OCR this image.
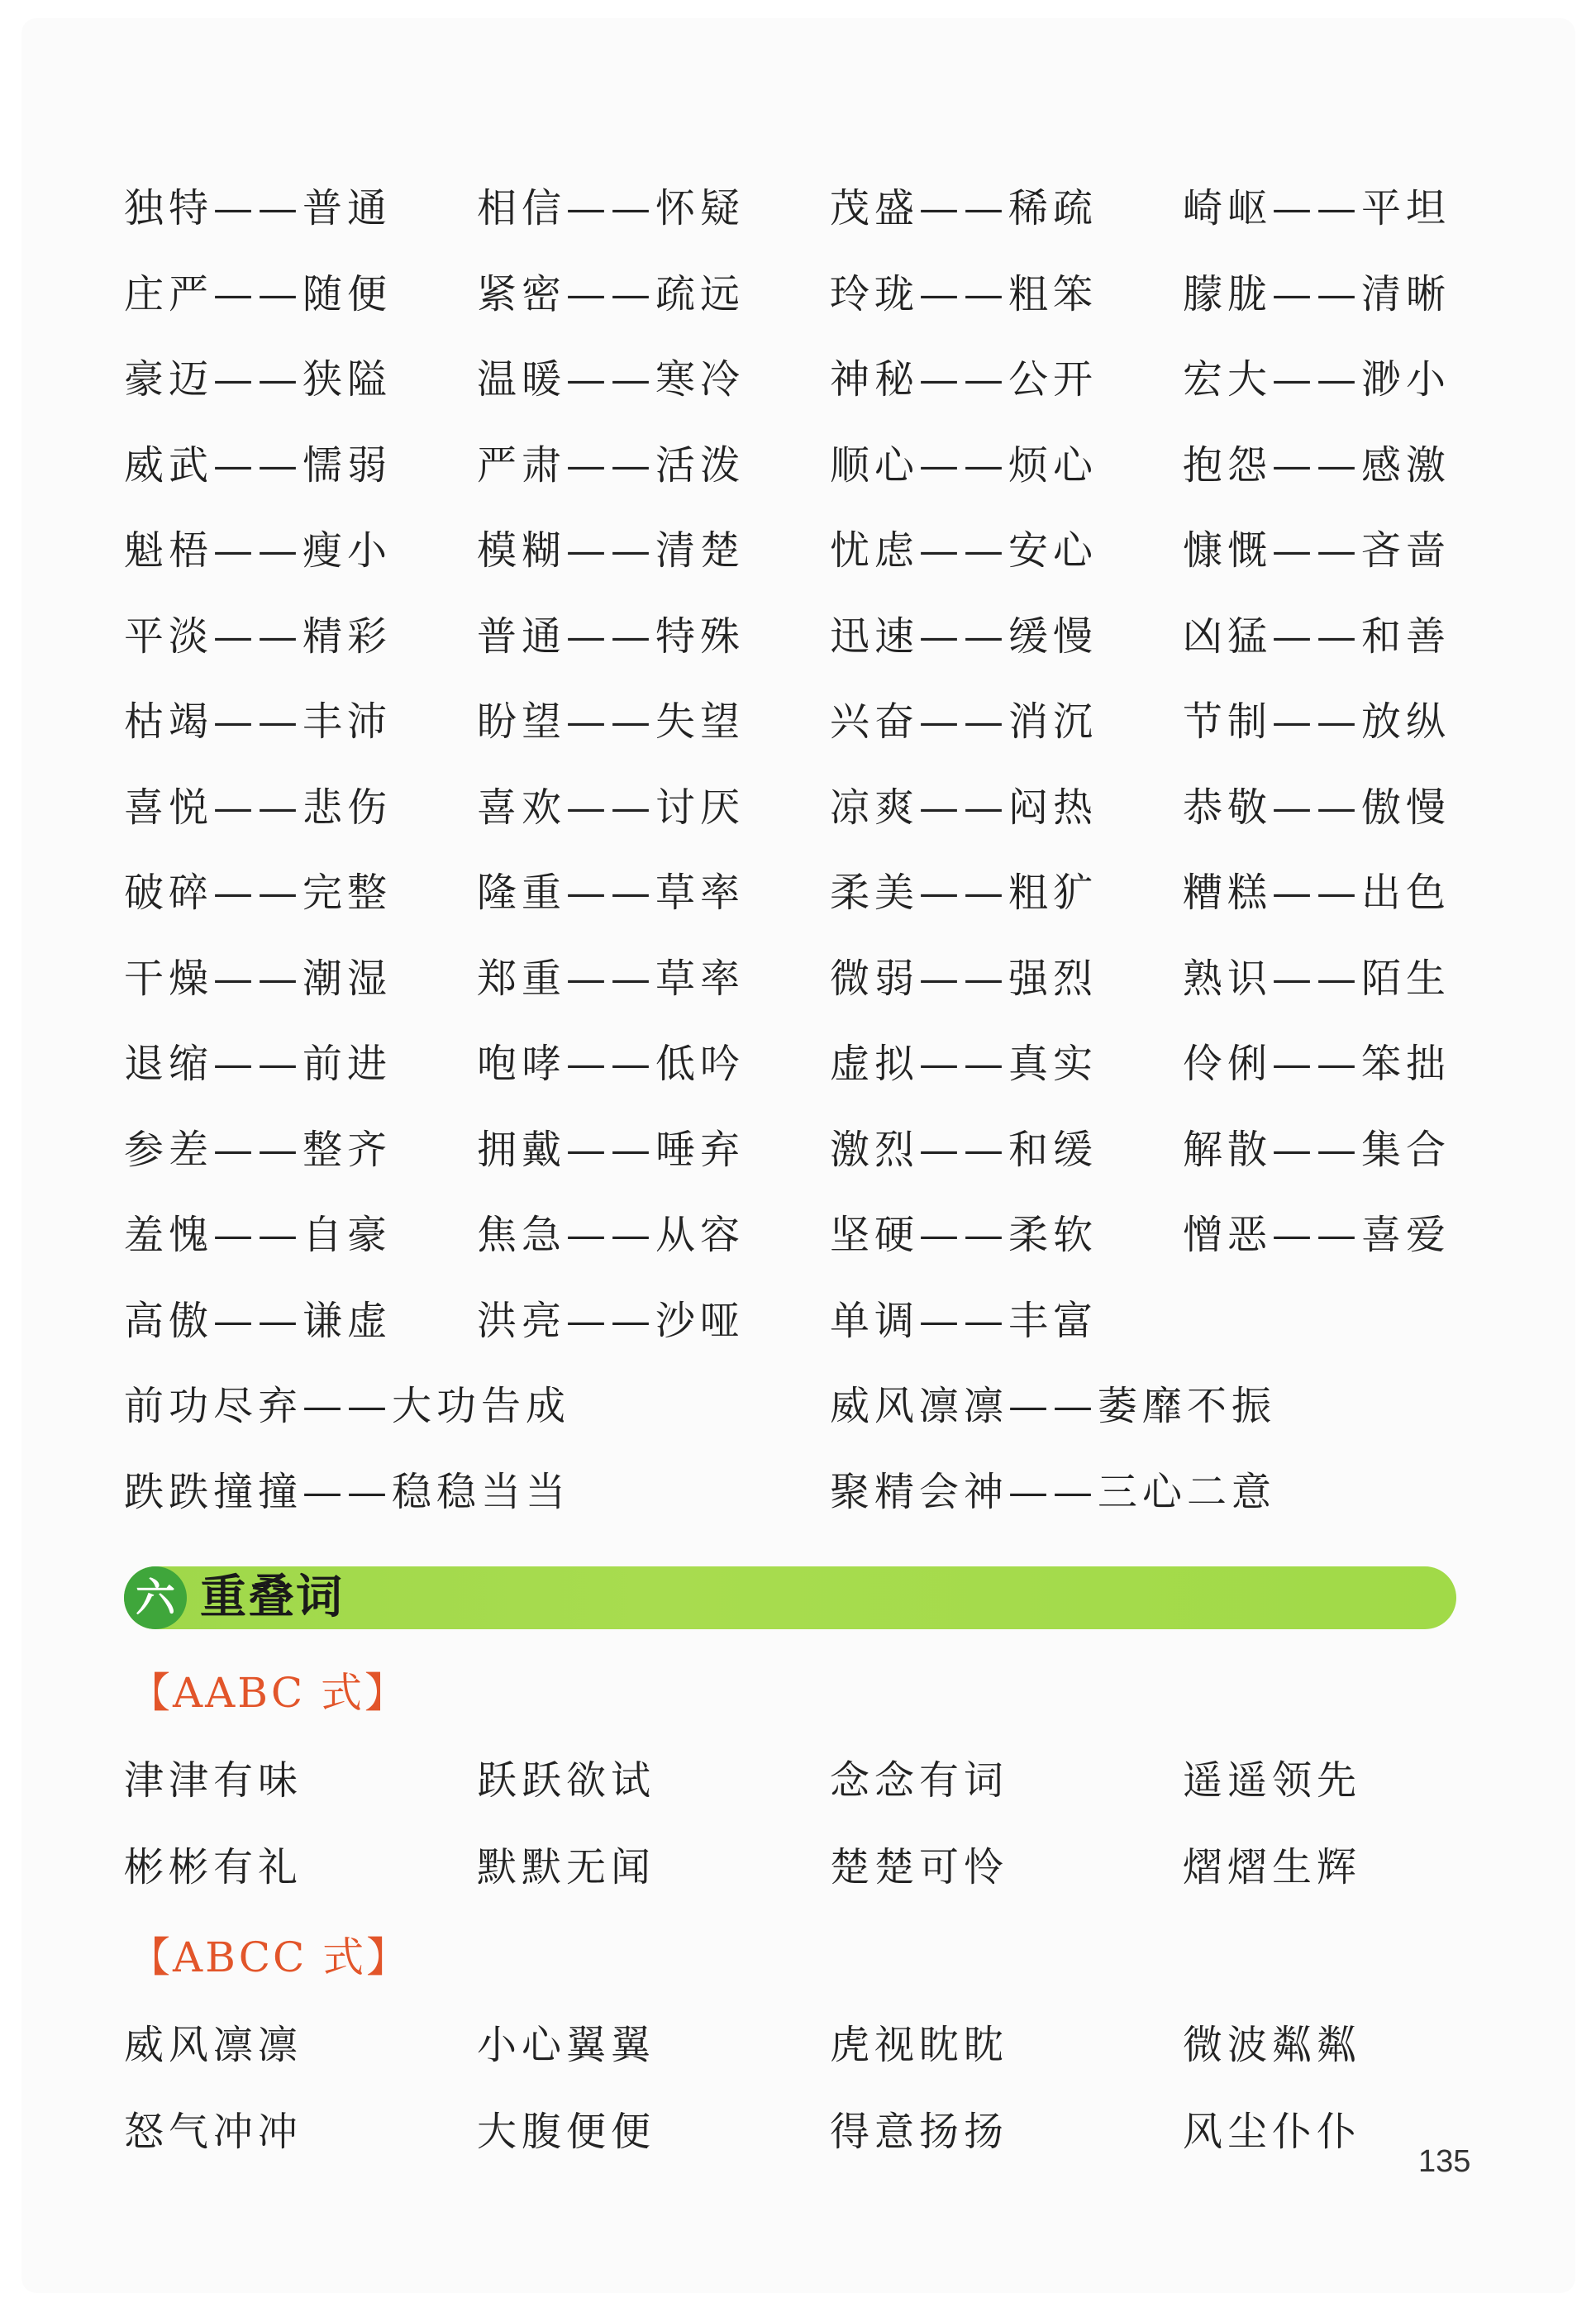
独特——普通	相信——怀疑	茂盛——稀疏	崎岖——平坦
庄严——随便	紧密——疏远	玲珑——粗笨	朦胧——清晰
豪迈——狭隘	温暖——寒冷	神秘——公开	宏大——渺小
威武——懦弱	严肃——活泼	顺心——烦心	抱怨——感激
魁梧——瘦小	模糊——清楚	忧虑——安心	慷慨——吝啬
平淡——精彩	普通——特殊	迅速——缓慢	凶猛——和善
枯竭——丰沛	盼望——失望	兴奋——消沉	节制——放纵
喜悦——悲伤	喜欢——讨厌	凉爽——闷热	恭敬——傲慢
破碎——完整	隆重——草率	柔美——粗犷	糟糕——出色
干燥——潮湿	郑重——草率	微弱——强烈	熟识——陌生
退缩——前进	咆哮——低吟	虚拟——真实	伶俐——笨拙
参差——整齐	拥戴——唾弃	激烈——和缓	解散——集合
羞愧——自豪	焦急——从容	坚硬——柔软	憎恶——喜爱
高傲——谦虚	洪亮——沙哑	单调——丰富
前功尽弃——大功告成	威风凛凛——萎靡不振
跌跌撞撞——稳稳当当	聚精会神——三心二意
六 重叠词
【AABC 式】
津津有味	跃跃欲试	念念有词	遥遥领先
彬彬有礼	默默无闻	楚楚可怜	熠熠生辉
【ABCC 式】
威风凛凛	小心翼翼	虎视眈眈	微波粼粼
怒气冲冲	大腹便便	得意扬扬	风尘仆仆
135
